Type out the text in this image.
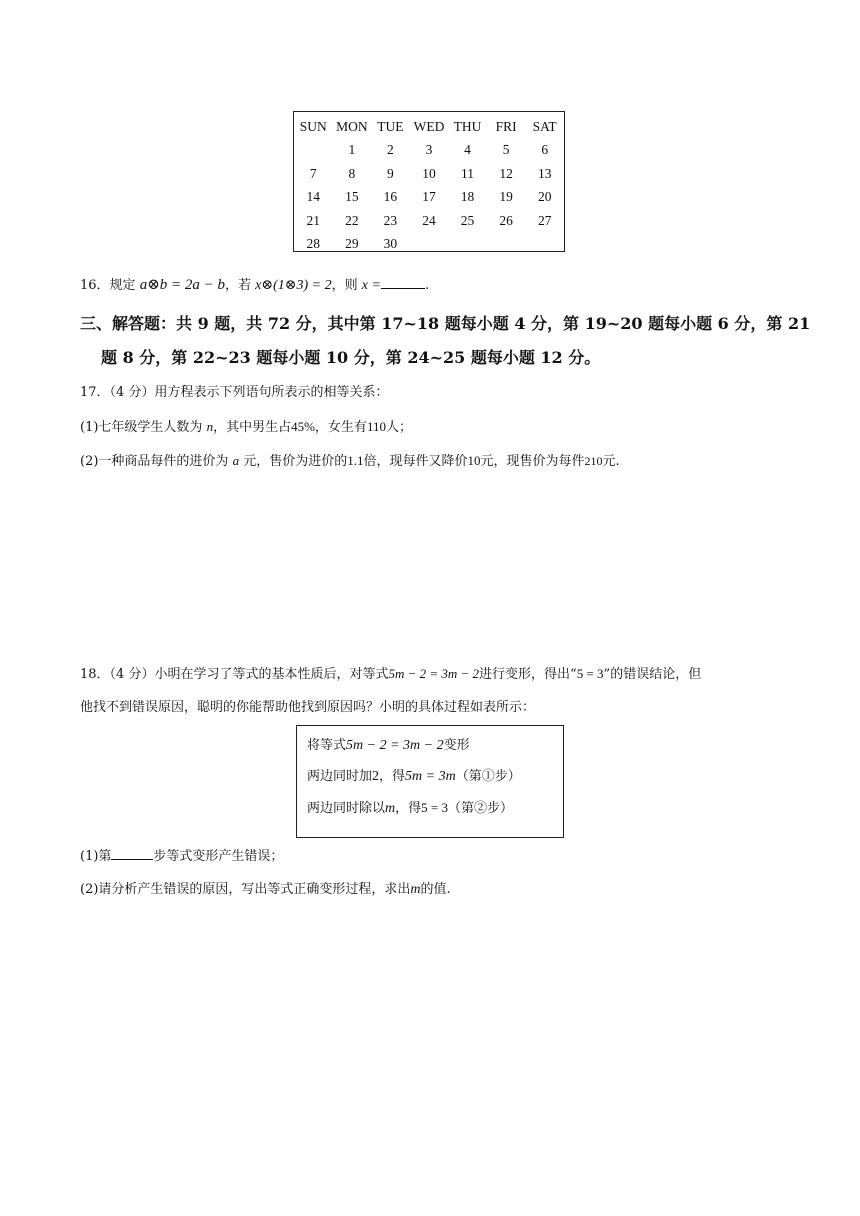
SUN	MON	TUE	WED	THU	FRI	SAT
	1	2	3	4	5	6
7	8	9	10	11	12	13
14	15	16	17	18	19	20
21	22	23	24	25	26	27
28	29	30				
16．规定 a⊗b = 2a − b，若 x⊗(1⊗3) = 2，则 x =	.
三、解答题：共 9 题，共 72 分，其中第 17~18 题每小题 4 分，第 19~20 题每小题 6 分，第 21
题 8 分，第 22~23 题每小题 10 分，第 24~25 题每小题 12 分。
17．（4 分）用方程表示下列语句所表示的相等关系：
(1)七年级学生人数为 n，其中男生占45%，女生有110人；
(2)一种商品每件的进价为 a 元，售价为进价的1.1倍，现每件又降价10元，现售价为每件210元.
18．（4 分）小明在学习了等式的基本性质后，对等式5m − 2 = 3m − 2进行变形，得出“5 = 3”的错误结论，但
他找不到错误原因，聪明的你能帮助他找到原因吗？小明的具体过程如表所示：
将等式5m − 2 = 3m − 2变形
两边同时加2，得5m = 3m（第①步）
两边同时除以m，得5 = 3（第②步）
(1)第	步等式变形产生错误；
(2)请分析产生错误的原因，写出等式正确变形过程，求出m的值.
